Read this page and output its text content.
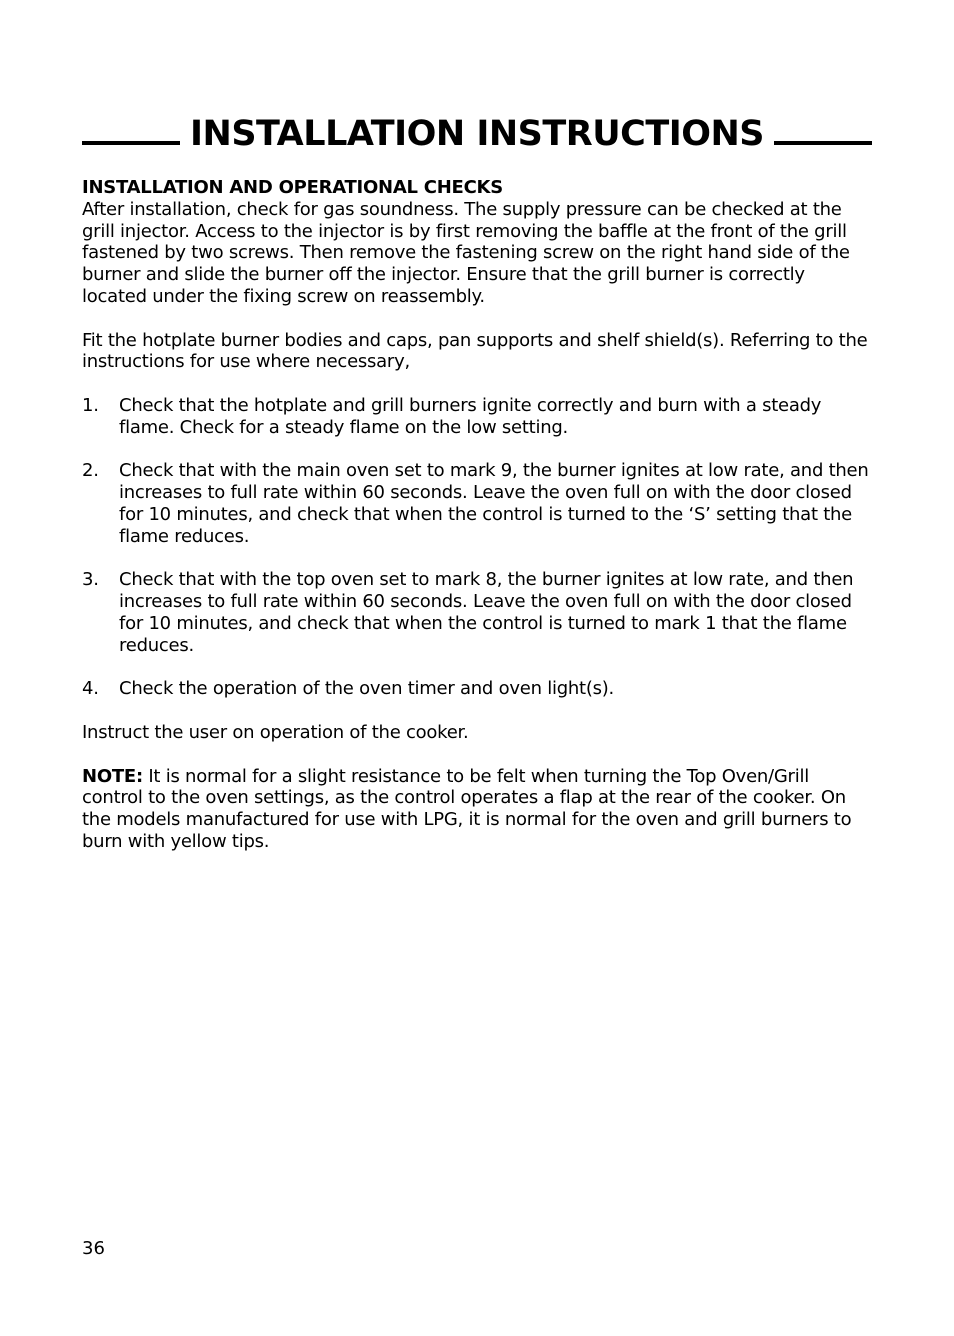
INSTALLATION INSTRUCTIONS

INSTALLATION AND OPERATIONAL CHECKS

After installation, check for gas soundness. The supply pressure can be checked at the grill injector. Access to the injector is by first removing the baffle at the front of the grill fastened by two screws. Then remove the fastening screw on the right hand side of the burner and slide the burner off the injector. Ensure that the grill burner is correctly located under the fixing screw on reassembly.

Fit the hotplate burner bodies and caps, pan supports and shelf shield(s). Referring to the instructions for use where necessary,

1. Check that the hotplate and grill burners ignite correctly and burn with a steady flame. Check for a steady flame on the low setting.
2. Check that with the main oven set to mark 9, the burner ignites at low rate, and then increases to full rate within 60 seconds. Leave the oven full on with the door closed for 10 minutes, and check that when the control is turned to the ‘S’ setting that the flame reduces.
3. Check that with the top oven set to mark 8, the burner ignites at low rate, and then increases to full rate within 60 seconds. Leave the oven full on with the door closed for 10 minutes, and check that when the control is turned to mark 1 that the flame reduces.
4. Check the operation of the oven timer and oven light(s).

Instruct the user on operation of the cooker.

NOTE: It is normal for a slight resistance to be felt when turning the Top Oven/Grill control to the oven settings, as the control operates a flap at the rear of the cooker. On the models manufactured for use with LPG, it is normal for the oven and grill burners to burn with yellow tips.

36
